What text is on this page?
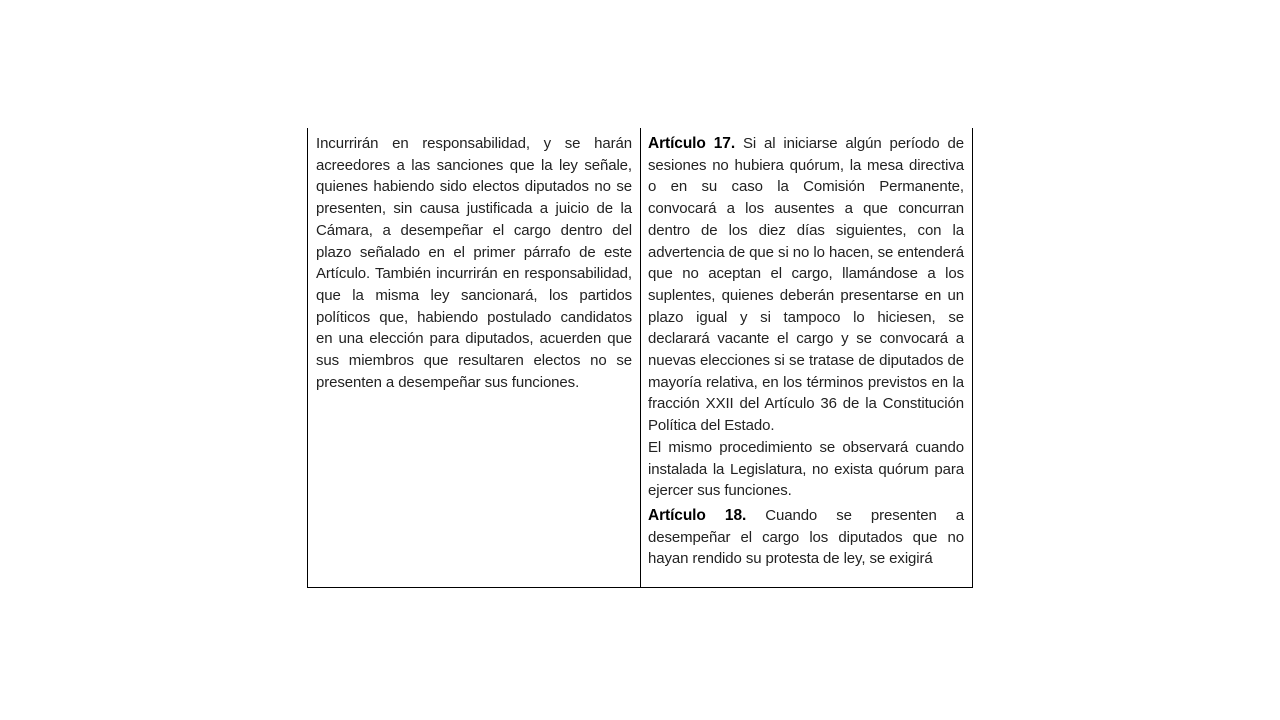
Incurrirán en responsabilidad, y se harán acreedores a las sanciones que la ley señale, quienes habiendo sido electos diputados no se presenten, sin causa justificada a juicio de la Cámara, a desempeñar el cargo dentro del plazo señalado en el primer párrafo de este Artículo. También incurrirán en responsabilidad, que la misma ley sancionará, los partidos políticos que, habiendo postulado candidatos en una elección para diputados, acuerden que sus miembros que resultaren electos no se presenten a desempeñar sus funciones.

Artículo 17. Si al iniciarse algún período de sesiones no hubiera quórum, la mesa directiva o en su caso la Comisión Permanente, convocará a los ausentes a que concurran dentro de los diez días siguientes, con la advertencia de que si no lo hacen, se entenderá que no aceptan el cargo, llamándose a los suplentes, quienes deberán presentarse en un plazo igual y si tampoco lo hiciesen, se declarará vacante el cargo y se convocará a nuevas elecciones si se tratase de diputados de mayoría relativa, en los términos previstos en la fracción XXII del Artículo 36 de la Constitución Política del Estado.

El mismo procedimiento se observará cuando instalada la Legislatura, no exista quórum para ejercer sus funciones.

Artículo 18. Cuando se presenten a desempeñar el cargo los diputados que no hayan rendido su protesta de ley, se exigirá
